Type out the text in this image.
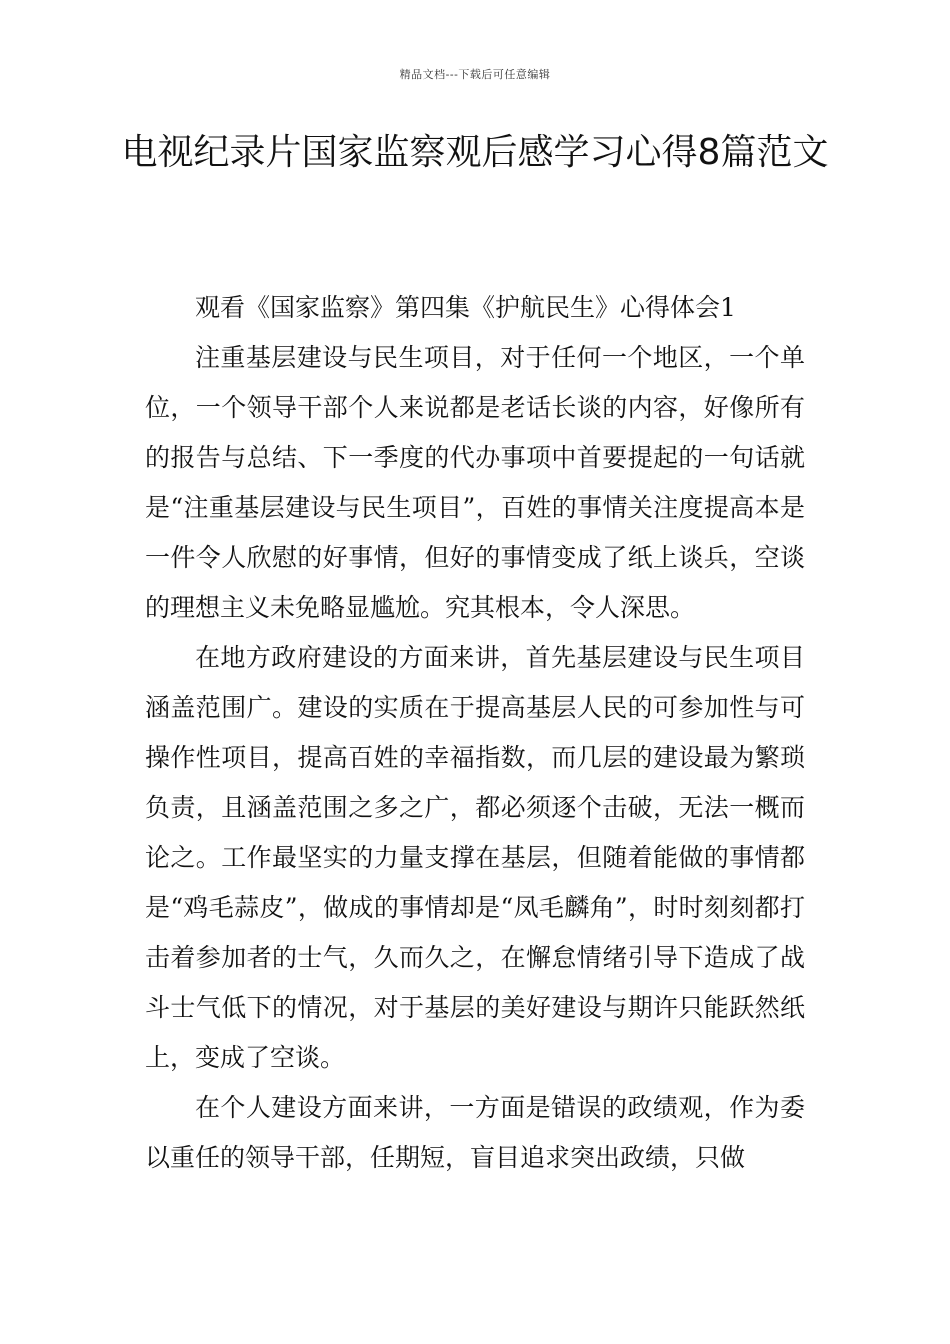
精品文档---下载后可任意编辑
电视纪录片国家监察观后感学习心得8篇范文

观看《国家监察》第四集《护航民生》心得体会1

注重基层建设与民生项目，对于任何一个地区，一个单位，一个领导干部个人来说都是老话长谈的内容，好像所有的报告与总结、下一季度的代办事项中首要提起的一句话就是“注重基层建设与民生项目”，百姓的事情关注度提高本是一件令人欣慰的好事情，但好的事情变成了纸上谈兵，空谈的理想主义未免略显尴尬。究其根本，令人深思。

在地方政府建设的方面来讲，首先基层建设与民生项目涵盖范围广。建设的实质在于提高基层人民的可参加性与可操作性项目，提高百姓的幸福指数，而几层的建设最为繁琐负责，且涵盖范围之多之广，都必须逐个击破，无法一概而论之。工作最坚实的力量支撑在基层，但随着能做的事情都是“鸡毛蒜皮”，做成的事情却是“凤毛麟角”，时时刻刻都打击着参加者的士气，久而久之，在懈怠情绪引导下造成了战斗士气低下的情况，对于基层的美好建设与期许只能跃然纸上，变成了空谈。

在个人建设方面来讲，一方面是错误的政绩观，作为委以重任的领导干部，任期短，盲目追求突出政绩，只做
